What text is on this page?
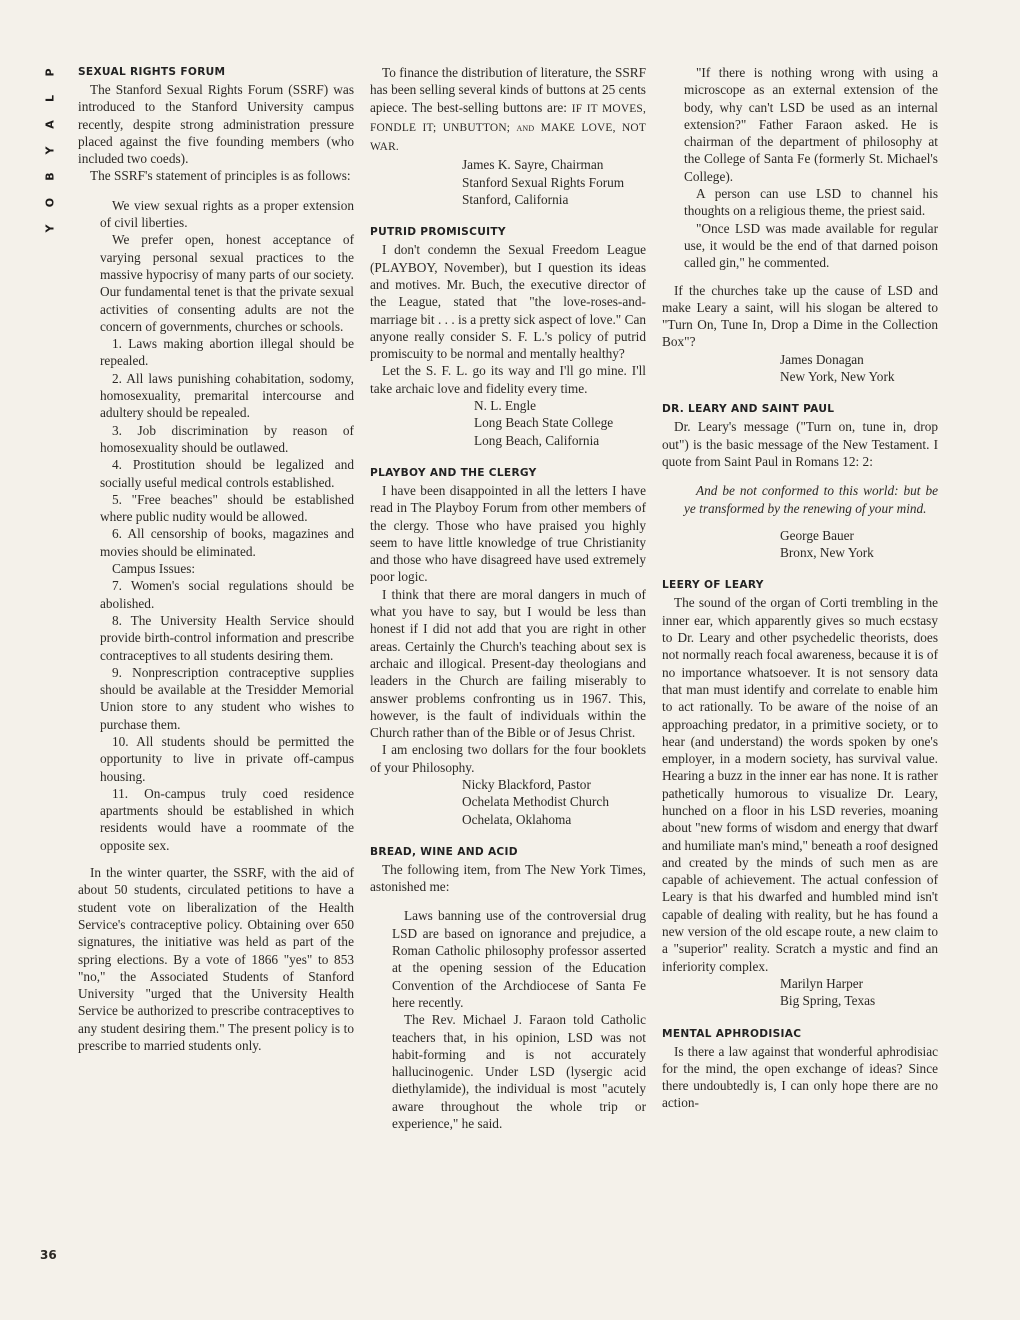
P
L
A
Y
B
O
Y
36
SEXUAL RIGHTS FORUM

The Stanford Sexual Rights Forum (SSRF) was introduced to the Stanford University campus recently, despite strong administration pressure placed against the five founding members (who included two coeds).

The SSRF's statement of principles is as follows:

We view sexual rights as a proper extension of civil liberties.

We prefer open, honest acceptance of varying personal sexual practices to the massive hypocrisy of many parts of our society. Our fundamental tenet is that the private sexual activities of consenting adults are not the concern of governments, churches or schools.

1. Laws making abortion illegal should be repealed.

2. All laws punishing cohabitation, sodomy, homosexuality, premarital intercourse and adultery should be repealed.

3. Job discrimination by reason of homosexuality should be outlawed.

4. Prostitution should be legalized and socially useful medical controls established.

5. "Free beaches" should be established where public nudity would be allowed.

6. All censorship of books, magazines and movies should be eliminated.

Campus Issues:

7. Women's social regulations should be abolished.

8. The University Health Service should provide birth-control information and prescribe contraceptives to all students desiring them.

9. Nonprescription contraceptive supplies should be available at the Tresidder Memorial Union store to any student who wishes to purchase them.

10. All students should be permitted the opportunity to live in private off-campus housing.

11. On-campus truly coed residence apartments should be established in which residents would have a roommate of the opposite sex.

In the winter quarter, the SSRF, with the aid of about 50 students, circulated petitions to have a student vote on liberalization of the Health Service's contraceptive policy. Obtaining over 650 signatures, the initiative was held as part of the spring elections. By a vote of 1866 "yes" to 853 "no," the Associated Students of Stanford University "urged that the University Health Service be authorized to prescribe contraceptives to any student desiring them." The present policy is to prescribe to married students only.

To finance the distribution of literature, the SSRF has been selling several kinds of buttons at 25 cents apiece. The best-selling buttons are: IF IT MOVES, FONDLE IT; UNBUTTON; and MAKE LOVE, NOT WAR.

James K. Sayre, Chairman

Stanford Sexual Rights Forum

Stanford, California

PUTRID PROMISCUITY

I don't condemn the Sexual Freedom League (PLAYBOY, November), but I question its ideas and motives. Mr. Buch, the executive director of the League, stated that "the love-roses-and-marriage bit . . . is a pretty sick aspect of love." Can anyone really consider S. F. L.'s policy of putrid promiscuity to be normal and mentally healthy?

Let the S. F. L. go its way and I'll go mine. I'll take archaic love and fidelity every time.

N. L. Engle

Long Beach State College

Long Beach, California

PLAYBOY AND THE CLERGY

I have been disappointed in all the letters I have read in The Playboy Forum from other members of the clergy. Those who have praised you highly seem to have little knowledge of true Christianity and those who have disagreed have used extremely poor logic.

I think that there are moral dangers in much of what you have to say, but I would be less than honest if I did not add that you are right in other areas. Certainly the Church's teaching about sex is archaic and illogical. Present-day theologians and leaders in the Church are failing miserably to answer problems confronting us in 1967. This, however, is the fault of individuals within the Church rather than of the Bible or of Jesus Christ.

I am enclosing two dollars for the four booklets of your Philosophy.

Nicky Blackford, Pastor

Ochelata Methodist Church

Ochelata, Oklahoma

BREAD, WINE AND ACID

The following item, from The New York Times, astonished me:

Laws banning use of the controversial drug LSD are based on ignorance and prejudice, a Roman Catholic philosophy professor asserted at the opening session of the Education Convention of the Archdiocese of Santa Fe here recently.

The Rev. Michael J. Faraon told Catholic teachers that, in his opinion, LSD was not habit-forming and is not accurately hallucinogenic. Under LSD (lysergic acid diethylamide), the individual is most "acutely aware throughout the whole trip or experience," he said.

"If there is nothing wrong with using a microscope as an external extension of the body, why can't LSD be used as an internal extension?" Father Faraon asked. He is chairman of the department of philosophy at the College of Santa Fe (formerly St. Michael's College).

A person can use LSD to channel his thoughts on a religious theme, the priest said.

"Once LSD was made available for regular use, it would be the end of that darned poison called gin," he commented.

If the churches take up the cause of LSD and make Leary a saint, will his slogan be altered to "Turn On, Tune In, Drop a Dime in the Collection Box"?

James Donagan

New York, New York

DR. LEARY AND SAINT PAUL

Dr. Leary's message ("Turn on, tune in, drop out") is the basic message of the New Testament. I quote from Saint Paul in Romans 12: 2:

And be not conformed to this world: but be ye transformed by the renewing of your mind.

George Bauer

Bronx, New York

LEERY OF LEARY

The sound of the organ of Corti trembling in the inner ear, which apparently gives so much ecstasy to Dr. Leary and other psychedelic theorists, does not normally reach focal awareness, because it is of no importance whatsoever. It is not sensory data that man must identify and correlate to enable him to act rationally. To be aware of the noise of an approaching predator, in a primitive society, or to hear (and understand) the words spoken by one's employer, in a modern society, has survival value. Hearing a buzz in the inner ear has none. It is rather pathetically humorous to visualize Dr. Leary, hunched on a floor in his LSD reveries, moaning about "new forms of wisdom and energy that dwarf and humiliate man's mind," beneath a roof designed and created by the minds of such men as are capable of achievement. The actual confession of Leary is that his dwarfed and humbled mind isn't capable of dealing with reality, but he has found a new version of the old escape route, a new claim to a "superior" reality. Scratch a mystic and find an inferiority complex.

Marilyn Harper

Big Spring, Texas

MENTAL APHRODISIAC

Is there a law against that wonderful aphrodisiac for the mind, the open exchange of ideas? Since there undoubtedly is, I can only hope there are no action-
